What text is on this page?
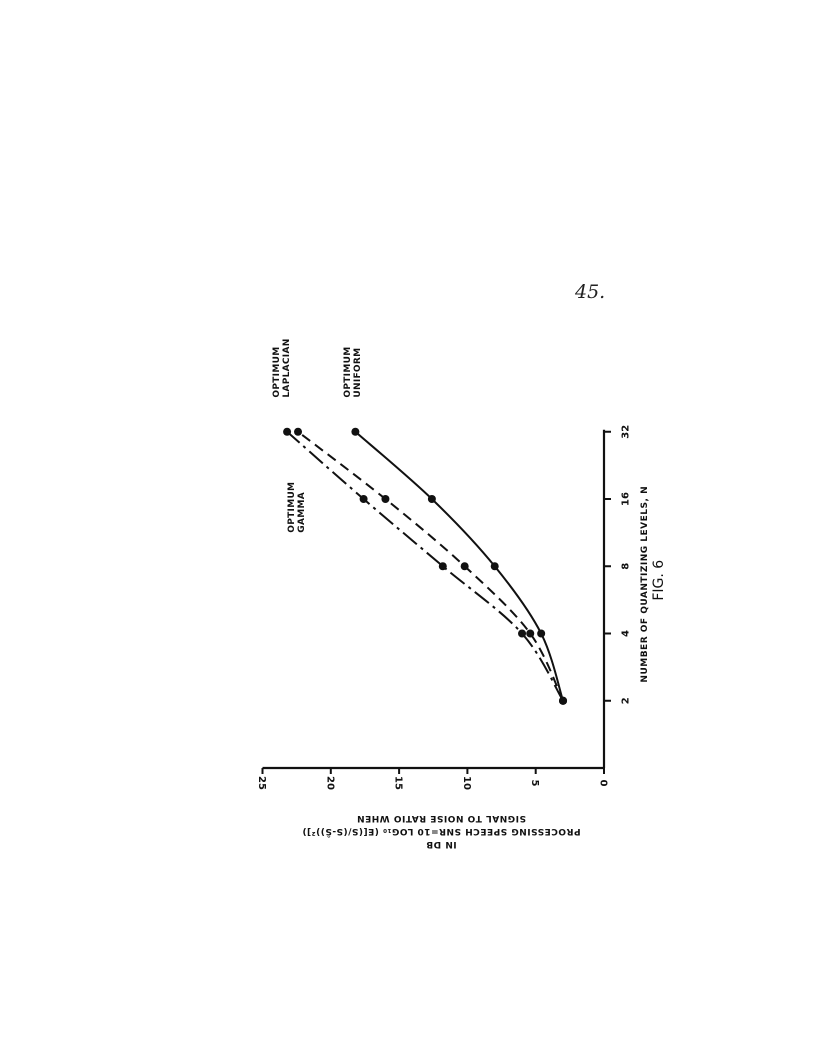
45.
2
4
8
16
32
0
5
10
15
20
25
NUMBER OF QUANTIZING LEVELS, N FIG. 6
SIGNAL TO NOISE RATIO WHEN
PROCESSING SPEECH SNR=10 LOG₁₀ (E[(S/(S-Ŝ))²])
IN DB
OPTIMUM GAMMA
OPTIMUM LAPLACIAN	OPTIMUM UNIFORM
